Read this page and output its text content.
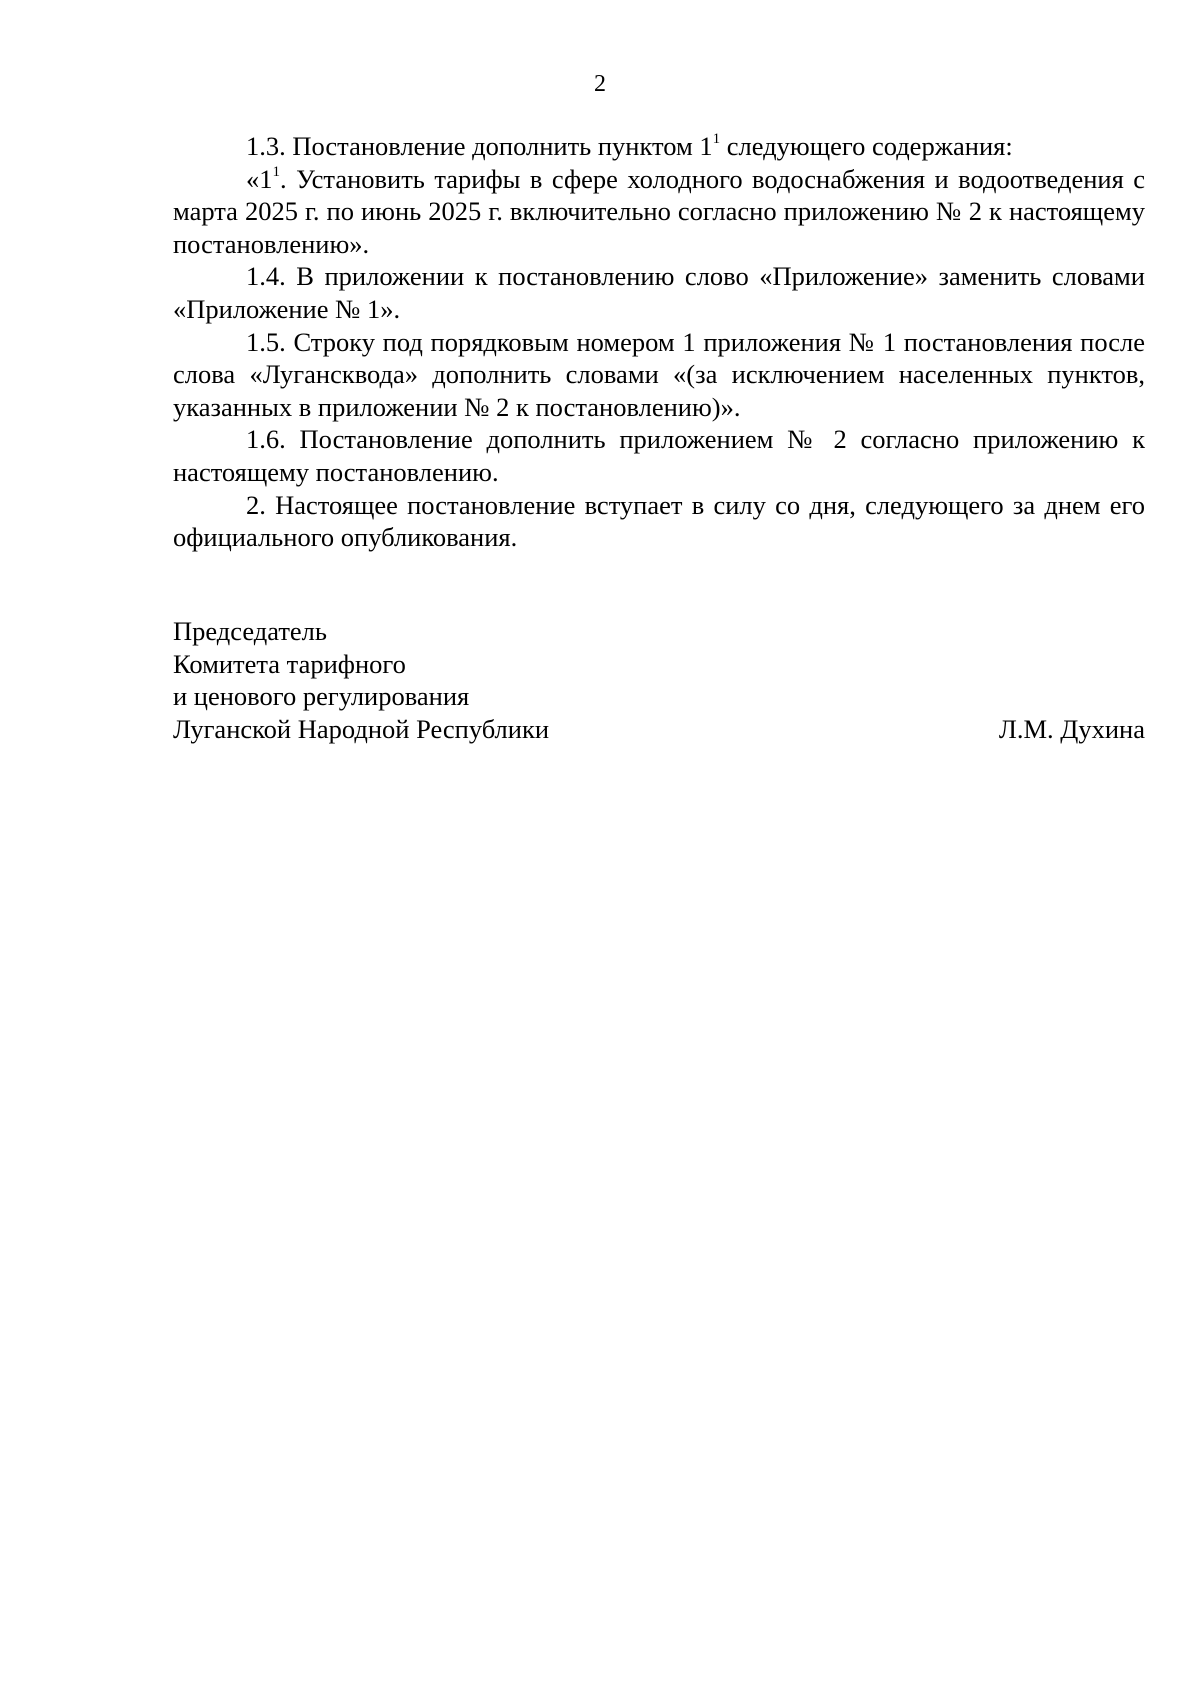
2

1.3. Постановление дополнить пунктом $1^1$ следующего содержания:

«$1^1$. Установить тарифы в сфере холодного водоснабжения и водоотведения с марта 2025 г. по июнь 2025 г. включительно согласно приложению № 2 к настоящему постановлению».

1.4. В приложении к постановлению слово «Приложение» заменить словами «Приложение № 1».

1.5. Строку под порядковым номером 1 приложения № 1 постановления после слова «Лугансквода» дополнить словами «(за исключением населенных пунктов, указанных в приложении № 2 к постановлению)».

1.6. Постановление дополнить приложением № 2 согласно приложению к настоящему постановлению.

2. Настоящее постановление вступает в силу со дня, следующего за днем его официального опубликования.

Председатель
Комитета тарифного
и ценового регулирования
Луганской Народной Республики	Л.М. Духина
